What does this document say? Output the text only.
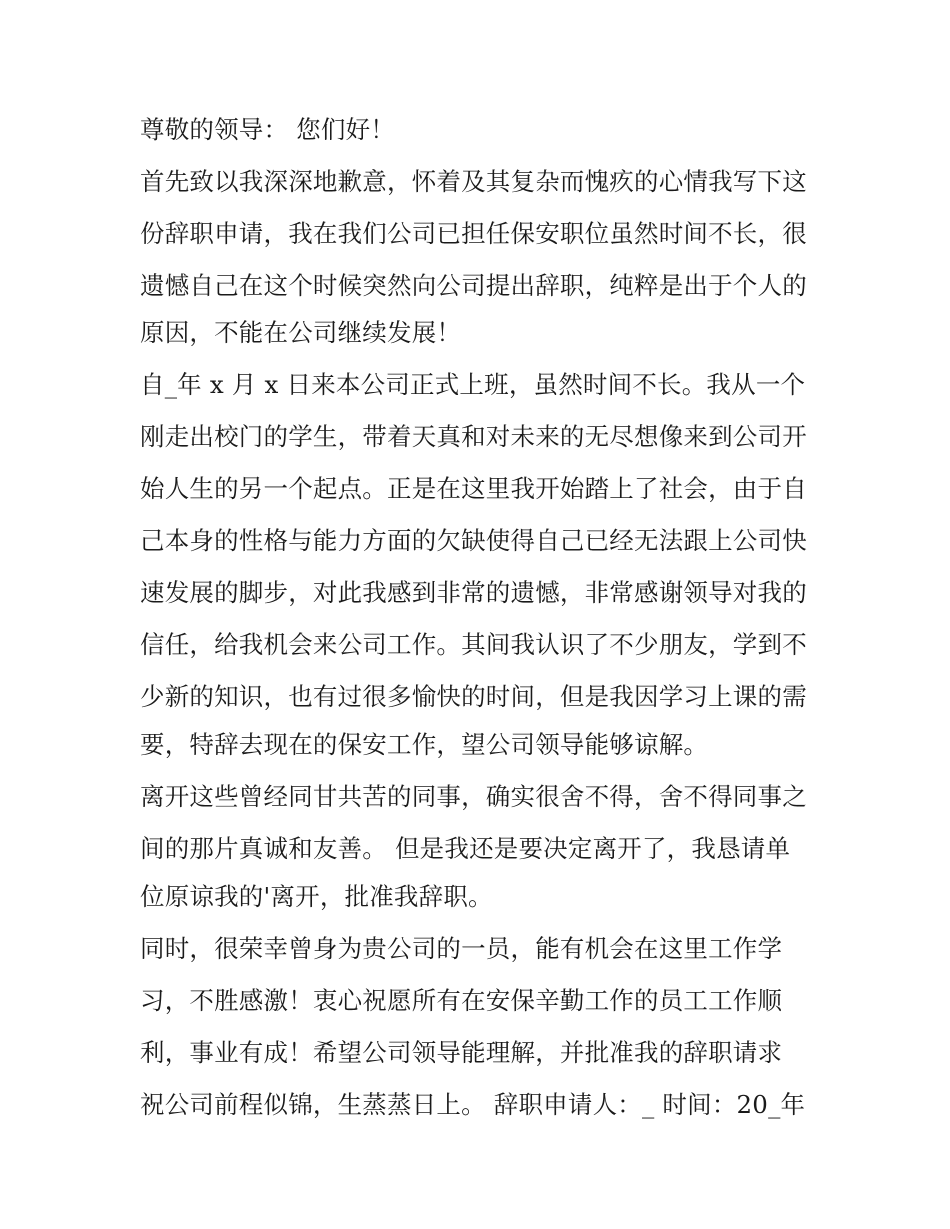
尊敬的领导： 您们好！
首先致以我深深地歉意，怀着及其复杂而愧疚的心情我写下这
份辞职申请，我在我们公司已担任保安职位虽然时间不长，很
遗憾自己在这个时候突然向公司提出辞职，纯粹是出于个人的
原因，不能在公司继续发展！
自_年 x 月 x 日来本公司正式上班，虽然时间不长。我从一个
刚走出校门的学生，带着天真和对未来的无尽想像来到公司开
始人生的另一个起点。正是在这里我开始踏上了社会，由于自
己本身的性格与能力方面的欠缺使得自己已经无法跟上公司快
速发展的脚步，对此我感到非常的遗憾，非常感谢领导对我的
信任，给我机会来公司工作。其间我认识了不少朋友，学到不
少新的知识，也有过很多愉快的时间，但是我因学习上课的需
要，特辞去现在的保安工作，望公司领导能够谅解。
离开这些曾经同甘共苦的同事，确实很舍不得，舍不得同事之
间的那片真诚和友善。 但是我还是要决定离开了，我恳请单
位原谅我的'离开，批准我辞职。
同时，很荣幸曾身为贵公司的一员，能有机会在这里工作学
习，不胜感激！衷心祝愿所有在安保辛勤工作的员工工作顺
利，事业有成！希望公司领导能理解，并批准我的辞职请求
祝公司前程似锦，生蒸蒸日上。 辞职申请人：_ 时间：20_年
